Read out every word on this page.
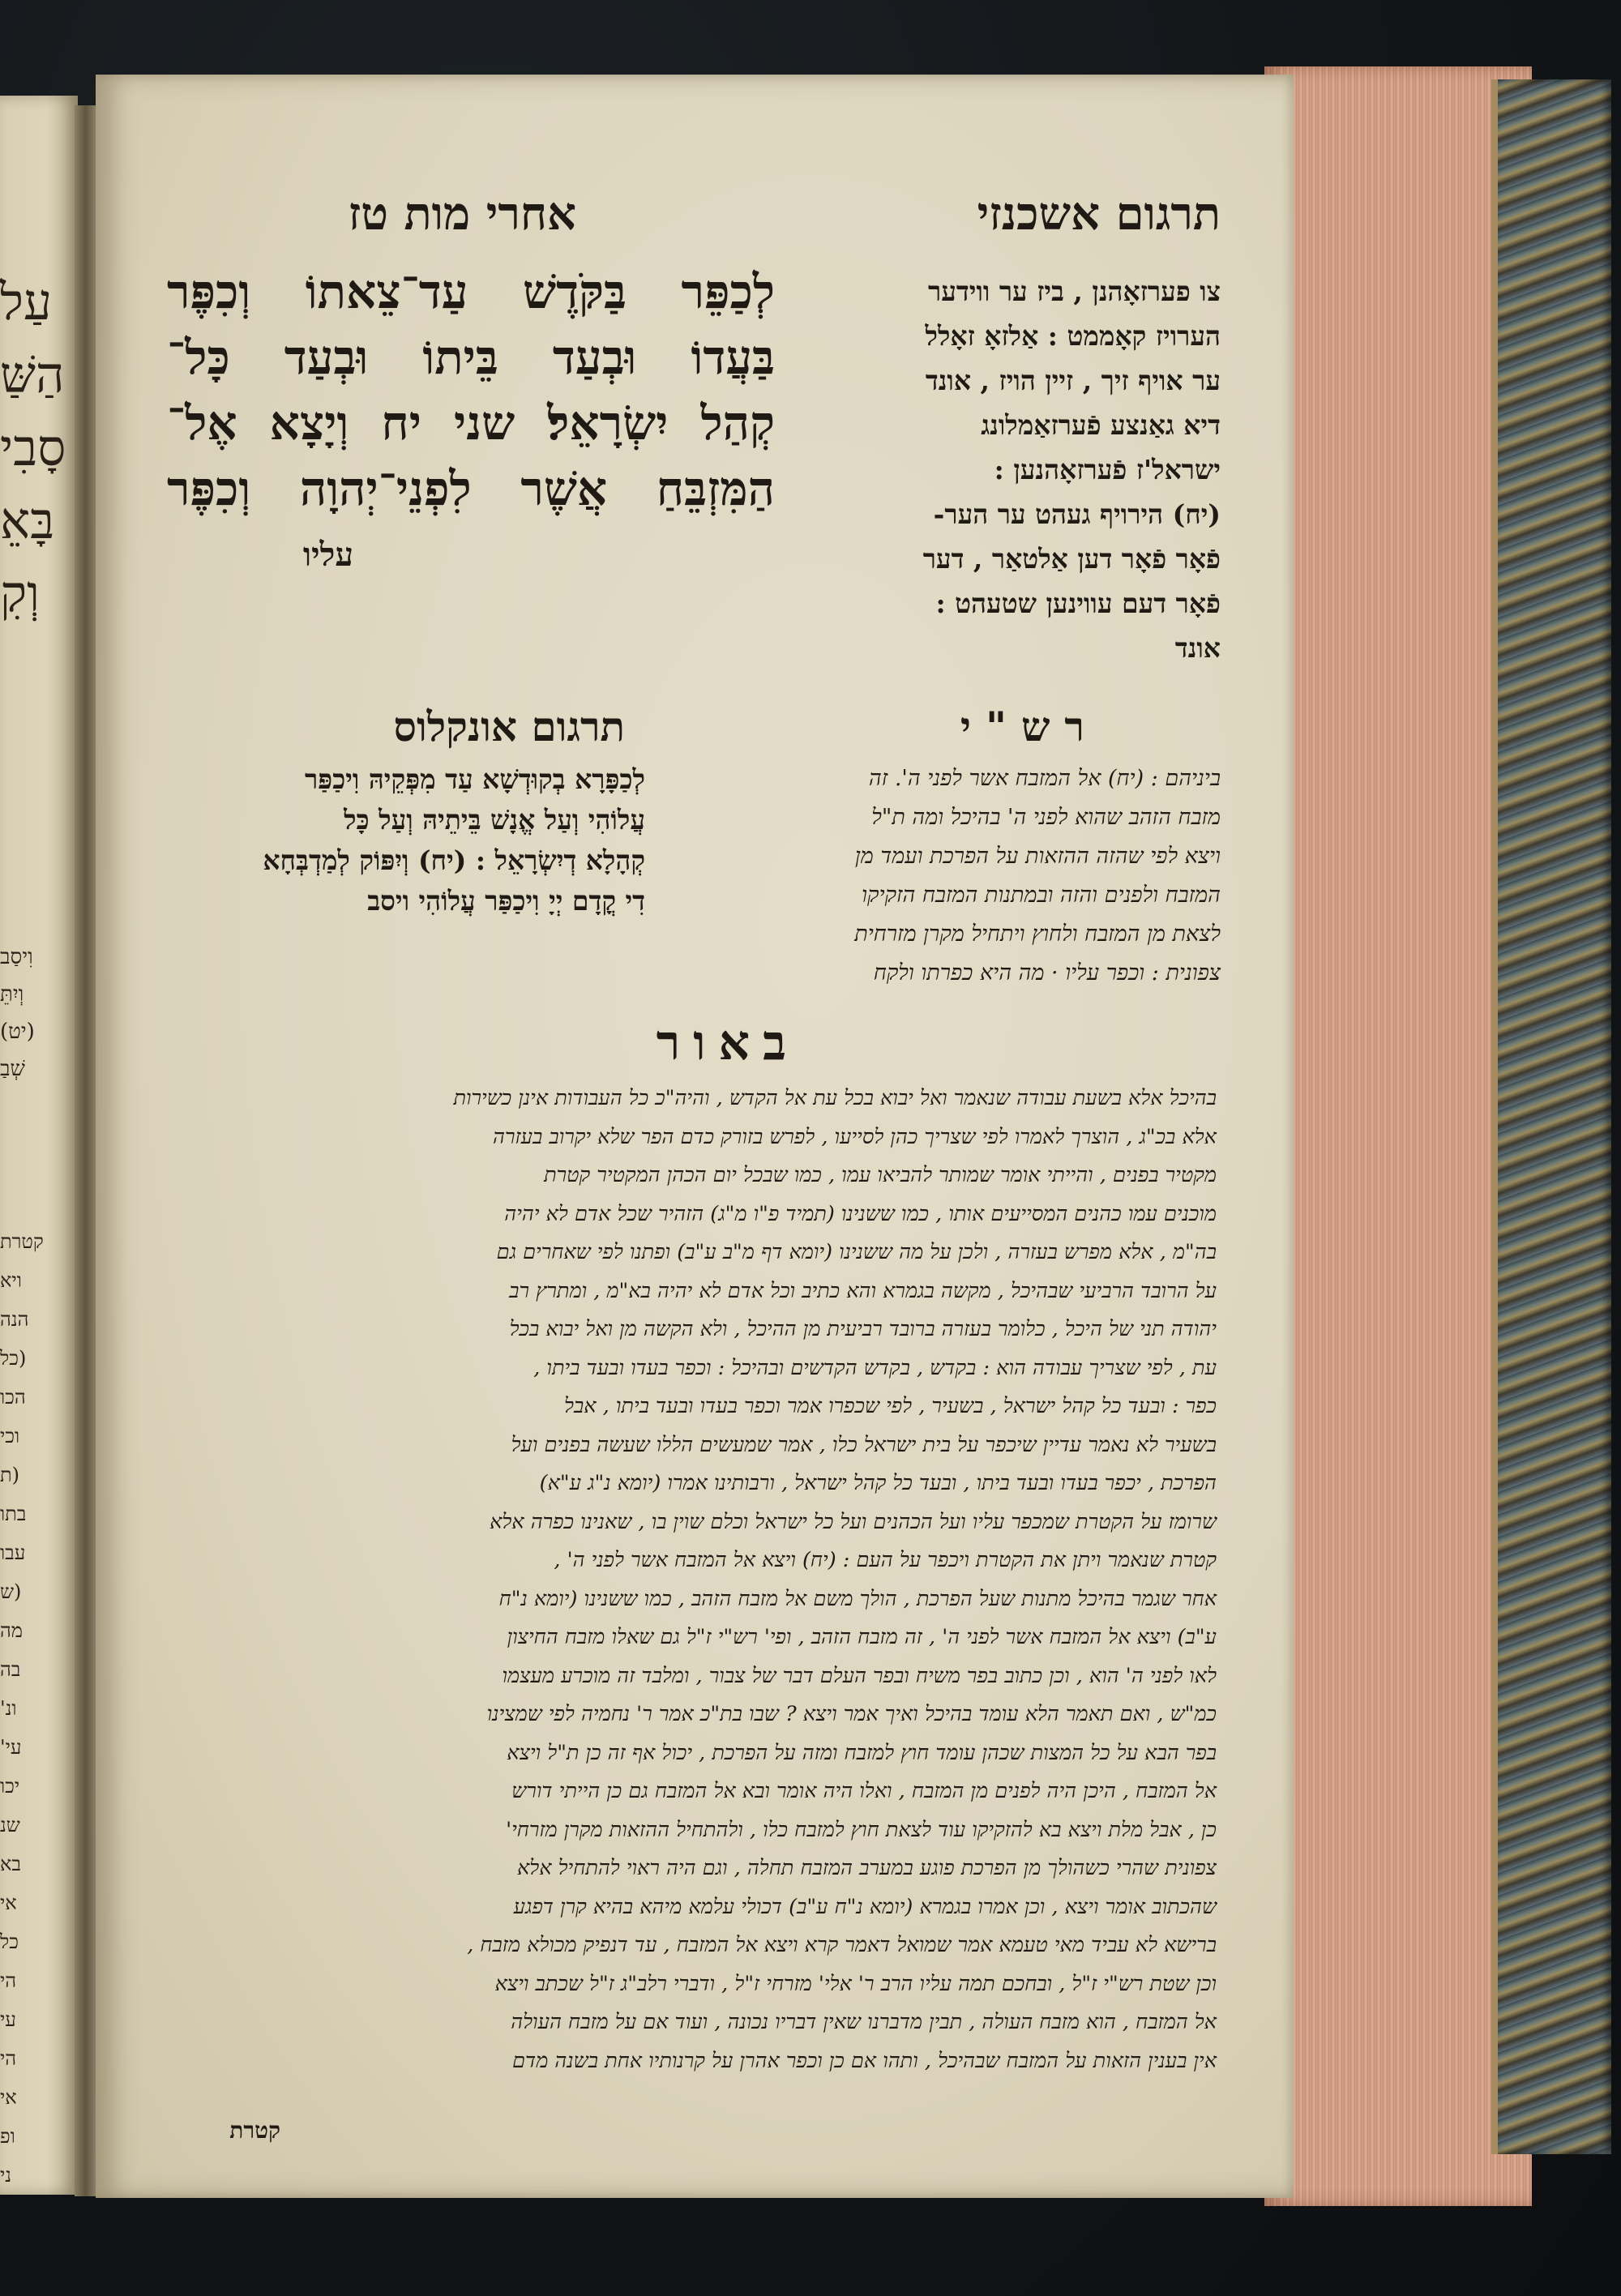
עַל
הַשַּׁ
סָבִי
בָּאֵ
וְקִ
וִיסַב
וְיִתֵּ
(יט)
שְׁבַ
קטרת
ויא
הנה
(כל
הכו
וכי
(ת
בתו
עבו
(ש
מה
בה
ונ'
עי'
יכו
שנ
בא
אי
כל
הי
עי
הי
אי
ופ
ני
תרגום אשכנזי
אחרי מות טז
צו פערזאָהנן , ביז ער ווידער
הערויז קאָממט : אַלזאָ זאָלל
ער אויף זיך , זיין הויז , אונד
דיא גאַנצע פֿערזאַמלונג
ישראל'ז פֿערזאָהנען :
(יח) הירויף געהט ער הער-
פֿאָר פֿאָר דען אַלטאַר , דער
פֿאָר דעם עווינען שטעהט :
אונד
לְכַפֵּר בַּקֹּדֶשׁ עַד־צֵאתוֹ וְכִפֶּר
בַּעֲדוֹ וּבְעַד בֵּיתוֹ וּבְעַד כָּל־
קְהַל יִשְׂרָאֵל׃ שני יח וְיָצָא אֶל־
הַמִּזְבֵּחַ אֲשֶׁר לִפְנֵי־יְהוָה וְכִפֶּר
עליו
רש"י
תרגום אונקלוס
ביניהם : (יח) אל המזבח אשר לפני ה'. זה
מזבח הזהב שהוא לפני ה' בהיכל ומה ת"ל
ויצא לפי שהזה ההזאות על הפרכת ועמד מן
המזבח ולפנים והזה ובמתנות המזבח הזקיקו
לצאת מן המזבח ולחוץ ויתחיל מקרן מזרחית
צפונית : וכפר עליו · מה היא כפרתו ולקח
לְכַפָּרָא בְקוּדְשָׁא עַד מִפְּקֵיהּ וִיכַפַּר
עֲלוֹהִי וְעַל אֱנָשׁ בֵּיתֵיהּ וְעַל כָּל
קְהָלָא דְיִשְׂרָאֵל : (יח) וְיִפּוֹק לְמַדְבְּחָא
דִי קֳדָם יְיָ וִיכַפַּר עֲלוֹהִי ויסב
באור
בהיכל אלא בשעת עבודה שנאמר ואל יבוא בכל עת אל הקדש , והיה"כ כל העבודות אינן כשירות
אלא בכ"ג , הוצרך לאמרו לפי שצריך כהן לסייעו , לפרש בזורק כדם הפר שלא יקרוב בעזרה
מקטיר בפנים , והייתי אומר שמותר להביאו עמו , כמו שבכל יום הכהן המקטיר קטרת
מוכנים עמו כהנים המסייעים אותו , כמו ששנינו (תמיד פ"ו מ"ג) הזהיר שכל אדם לא יהיה
בה"מ , אלא מפרש בעזרה , ולכן על מה ששנינו (יומא דף מ"ב ע"ב) ופתנו לפי שאחרים גם
על הרובד הרביעי שבהיכל , מקשה בגמרא והא כתיב וכל אדם לא יהיה בא"מ , ומתרץ רב
יהודה תני של היכל , כלומר בעזרה ברובד רביעית מן ההיכל , ולא הקשה מן ואל יבוא בכל
עת , לפי שצריך עבודה הוא : בקדש , בקדש הקדשים ובהיכל : וכפר בעדו ובעד ביתו ,
כפר : ובעד כל קהל ישראל , בשעיר , לפי שכפרו אמר וכפר בעדו ובעד ביתו , אבל
בשעיר לא נאמר עדיין שיכפר על בית ישראל כלו , אמר שמעשים הללו שעשה בפנים ועל
הפרכת , יכפר בעדו ובעד ביתו , ובעד כל קהל ישראל , ורבותינו אמרו (יומא נ"ג ע"א)
שרומז על הקטרת שמכפר עליו ועל הכהנים ועל כל ישראל וכלם שוין בו , שאנינו כפרה אלא
קטרת שנאמר ויתן את הקטרת ויכפר על העם : (יח) ויצא אל המזבח אשר לפני ה' ,
אחר שגמר בהיכל מתנות שעל הפרכת , הולך משם אל מזבח הזהב , כמו ששנינו (יומא נ"ח
ע"ב) ויצא אל המזבח אשר לפני ה' , זה מזבח הזהב , ופי' רש"י ז"ל גם שאלו מזבח החיצון
לאו לפני ה' הוא , וכן כתוב בפר משיח ובפר העלם דבר של צבור , ומלבד זה מוכרע מעצמו
כמ"ש , ואם תאמר הלא עומד בהיכל ואיך אמר ויצא ? שבו בת"כ אמר ר' נחמיה לפי שמצינו
בפר הבא על כל המצות שכהן עומד חוץ למזבח ומזה על הפרכת , יכול אף זה כן ת"ל ויצא
אל המזבח , היכן היה לפנים מן המזבח , ואלו היה אומר ובא אל המזבח גם כן הייתי דורש
כן , אבל מלת ויצא בא להזקיקו עוד לצאת חוץ למזבח כלו , ולהתחיל ההזאות מקרן מזרחי'
צפונית שהרי כשהולך מן הפרכת פוגע במערב המזבח תחלה , וגם היה ראוי להתחיל אלא
שהכתוב אומר ויצא , וכן אמרו בגמרא (יומא נ"ח ע"ב) דכולי עלמא מיהא בהיא קרן דפגע
ברישא לא עביד מאי טעמא אמר שמואל דאמר קרא ויצא אל המזבח , עד דנפיק מכולא מזבח ,
וכן שטת רש"י ז"ל , ובחכם תמה עליו הרב ר' אלי' מזרחי ז"ל , ודברי רלב"ג ז"ל שכתב ויצא
אל המזבח , הוא מזבח העולה , תבין מדברנו שאין דבריו נכונה , ועוד אם על מזבח העולה
אין בענין הזאות על המזבח שבהיכל , ותהו אם כן וכפר אהרן על קרנותיו אחת בשנה מדם
קטרת
